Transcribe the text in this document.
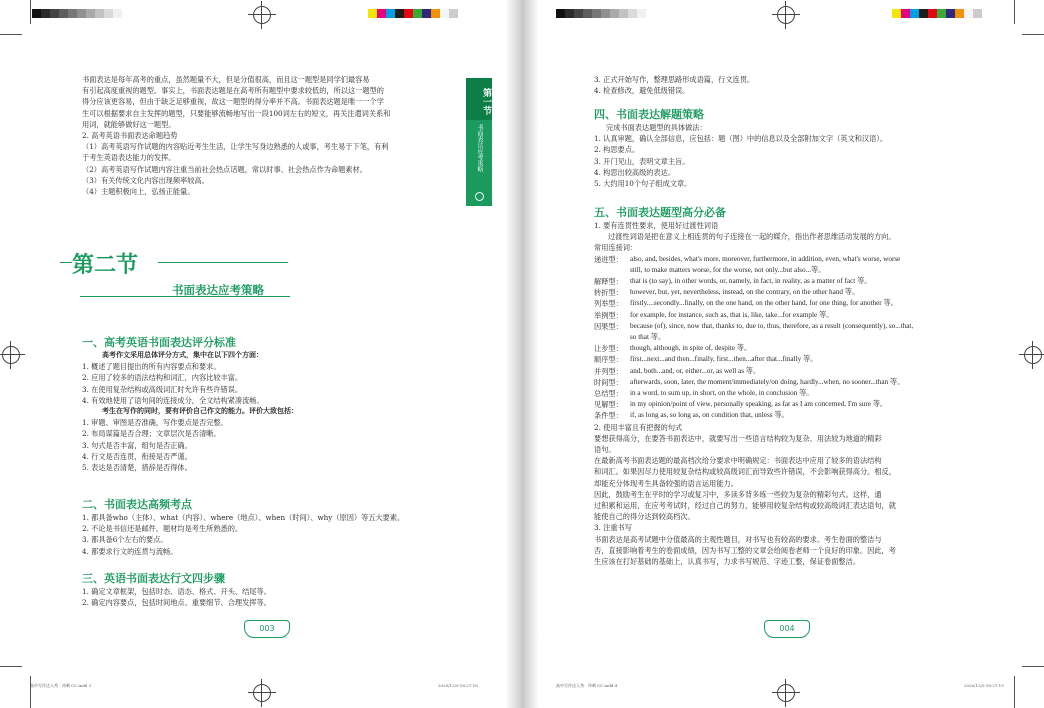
书面表达是每年高考的重点，虽然题量不大，但是分值很高，而且这一题型是同学们最容易
有引起高度重视的题型。事实上，书面表达题是在高考所有题型中要求较低的，所以这一题型的
得分应该更容易，但由于缺乏足够重视，故这一题型的得分率并不高。书面表达题是唯一一个学
生可以根据要求自主发挥的题型，只要能够流畅地写出一段100词左右的短文，再关注遣词关系和
用词，就能够做好这一题型。
2. 高考英语书面表达命题趋势
（1）高考英语写作试题的内容贴近考生生活，让学生写身边熟悉的人或事，考生易于下笔，有利
于考生英语表达能力的发挥。
（2）高考英语写作试题内容注重当前社会热点话题，常以时事、社会热点作为命题素材。
（3）有关传统文化内容出现频率较高。
（4）主题积极向上，弘扬正能量。
第二节
书面表达应考策略
一、高考英语书面表达评分标准
高考作文采用总体评分方式，集中在以下四个方面：
1. 概述了题目提出的所有内容要点和要求。
2. 应用了较多的语法结构和词汇，内容比较丰富。
3. 在使用复杂结构或高级词汇时允许有些许错误。
4. 有效地使用了语句间的连接成分，全文结构紧凑流畅。
考生在写作的同时，要有评价自己作文的能力。评价大致包括：
1. 审题、审图是否准确，写作要点是否完整。
2. 布局谋篇是否合理；文章层次是否清晰。
3. 句式是否丰富，组句是否正确。
4. 行文是否连贯，衔接是否严谨。
5. 表达是否清楚，措辞是否得体。
二、书面表达高频考点
1. 都具备who（主体）、what（内容）、where（地点）、when（时间）、why（原因）等五大要素。
2. 不论是书信还是邮件，题材均是考生所熟悉的。
3. 都具备6个左右的要点。
4. 都要求行文的连贯与流畅。
三、英语书面表达行文四步骤
1. 确定文章框架，包括时态、语态、格式、开头、结尾等。
2. 确定内容要点，包括时间地点、重要细节、合理发挥等。
003
第一节
书面表达应考策略
高中写作达人秀 · 冲刺·CC.indd 3	2020/12/9 18:27:18
3. 正式开始写作，整理思路形成语篇，行文连贯。
4. 检查修改，避免低级错误。
四、书面表达解题策略
完成书面表达题型的具体做法：
1. 认真审题，确认全部信息，应包括：题（图）中的信息以及全部附加文字（英文和汉语）。
2. 构思要点。
3. 开门见山，表明文章主旨。
4. 构思出较高级的表达。
5. 大约用10个句子组成文章。
五、书面表达题型高分必备
1. 要有连贯性要求，使用好过渡性词语
过渡性词语是把在意义上相连贯的句子连接在一起的媒介，指出作者思维活动发展的方向。
常用连接词：
递进型：	also, and, besides, what's more, moreover, furthermore, in addition, even, what's worse, worse
still, to make matters worse, for the worse, not only...but also...等。
解释型：	that is (to say), in other words, or, namely, in fact, in reality, as a matter of fact 等。
转折型：	however, but, yet, nevertheless, instead, on the contrary, on the other hand 等。
列举型：	firstly....secondly...finally, on the one hand, on the other hand, for one thing, for another 等。
举例型：	for example, for instance, such as, that is, like, take...for example 等。
因果型：	because (of), since, now that, thanks to, due to, thus, therefore, as a result (consequently), so...that,
so that 等。
让步型：	though, although, in spite of, despite 等。
顺序型：	first...next...and then...finally, first...then...after that...finally 等。
并列型：	and, both...and, or, either...or, as well as 等。
时间型：	afterwards, soon, later, the moment/immediately/on doing, hardly...when, no sooner...than 等。
总结型：	in a word, to sum up, in short, on the whole, in conclusion 等。
见解型：	in my opinion/point of view, personally speaking, as far as I am concerned, I'm sure 等。
条件型：	if, as long as, so long as, on condition that, unless 等。
2. 使用丰富且有把握的句式
要想获得高分，在要答书面表达中，就要写出一些语言结构较为复杂、用法较为地道的精彩
语句。
在最新高考书面表达题的最高档次给分要求中明确规定：书面表达中应用了较多的语法结构
和词汇。如果因尽力使用较复杂结构或较高级词汇而导致些许错误，不会影响获得高分。相反，
却能充分体现考生具备较强的语言运用能力。
因此，鼓励考生在平时的学习或复习中，多读多背多练一些较为复杂的精彩句式。这样，通
过积累和运用，在应考考试时，经过自己的努力，能够用较复杂结构或较高级词汇表达语句，就
能使自己的得分达到较高档次。
3. 注重书写
书面表达是高考试题中分值最高的主观性题目，对书写也有较高的要求。考生卷面的整洁与
否，直接影响着考生的卷面成绩，因为书写工整的文章会给阅卷老师一个良好的印象。因此，考
生应该在打好基础的基础上，认真书写，力求书写规范、字迹工整，保证卷面整洁。
004
高中写作达人秀 · 冲刺·CC.indd 4	2020/12/9 18:27:19
